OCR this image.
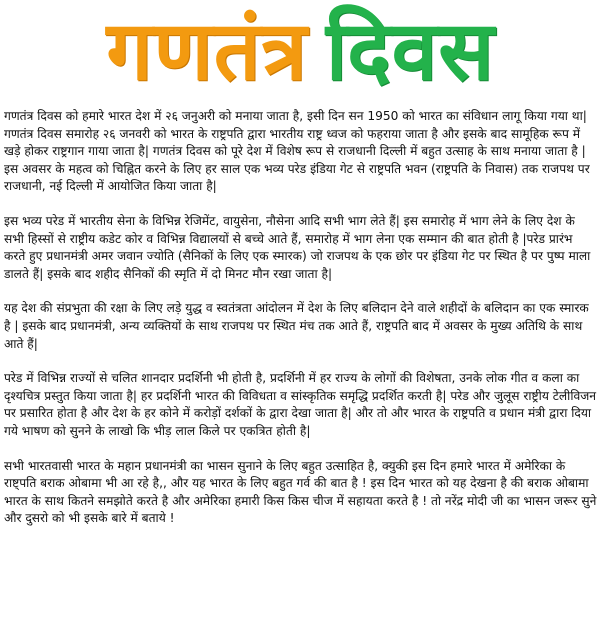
गणतंत्र दिवस

गणतंत्र दिवस को हमारे भारत देश में २६ जनुअरी को मनाया जाता है, इसी दिन सन 1950 को भारत का संविधान लागू किया गया था| गणतंत्र दिवस समारोह २६ जनवरी को भारत के राष्ट्रपति द्वारा भारतीय राष्ट्र ध्वज को फहराया जाता है और इसके बाद सामूहिक रूप में खड़े होकर राष्ट्रगान गाया जाता है| गणतंत्र दिवस को पूरे देश में विशेष रूप से राजधानी दिल्ली में बहुत उत्साह के साथ मनाया जाता है | इस अवसर के महत्व को चिह्नित करने के लिए हर साल एक भव्य परेड इंडिया गेट से राष्ट्रपति भवन (राष्ट्रपति के निवास) तक राजपथ पर राजधानी, नई दिल्ली में आयोजित किया जाता है|

इस भव्य परेड में भारतीय सेना के विभिन्न रेजिमेंट, वायुसेना, नौसेना आदि सभी भाग लेते हैं| इस समारोह में भाग लेने के लिए देश के सभी हिस्सों से राष्ट्रीय कडेट कोर व विभिन्न विद्यालयों से बच्चे आते हैं, समारोह में भाग लेना एक सम्मान की बात होती है |परेड प्रारंभ करते हुए प्रधानमंत्री अमर जवान ज्योति (सैनिकों के लिए एक स्मारक) जो राजपथ के एक छोर पर इंडिया गेट पर स्थित है पर पुष्प माला डालते हैं| इसके बाद शहीद सैनिकों की स्मृति में दो मिनट मौन रखा जाता है|

यह देश की संप्रभुता की रक्षा के लिए लड़े युद्ध व स्वतंत्रता आंदोलन में देश के लिए बलिदान देने वाले शहीदों के बलिदान का एक स्मारक है | इसके बाद प्रधानमंत्री, अन्य व्यक्तियों के साथ राजपथ पर स्थित मंच तक आते हैं, राष्ट्रपति बाद में अवसर के मुख्य अतिथि के साथ आते हैं|

परेड में विभिन्न राज्यों से चलित शानदार प्रदर्शिनी भी होती है, प्रदर्शिनी में हर राज्य के लोगों की विशेषता, उनके लोक गीत व कला का दृश्यचित्र प्रस्तुत किया जाता है| हर प्रदर्शिनी भारत की विविधता व सांस्कृतिक समृद्धि प्रदर्शित करती है| परेड और जुलूस राष्ट्रीय टेलीविजन पर प्रसारित होता है और देश के हर कोने में करोड़ों दर्शकों के द्वारा देखा जाता है| और तो और भारत के राष्ट्रपति व प्रधान मंत्री द्वारा दिया गये भाषण को सुनने के लाखो कि भीड़ लाल किले पर एकत्रित होती है|

सभी भारतवासी भारत के महान प्रधानमंत्री का भासन सुनाने के लिए बहुत उत्साहित है, क्युकी इस दिन हमारे भारत में अमेरिका के राष्ट्पति बराक ओबामा भी आ रहे है,, और यह भारत के लिए बहुत गर्व की बात है ! इस दिन भारत को यह देखना है की बराक ओबामा भारत के साथ कितने समझोते करते है और अमेरिका हमारी किस किस चीज में सहायता करते है ! तो नरेंद्र मोदी जी का भासन जरूर सुने और दुसरो को भी इसके बारे में बताये !
